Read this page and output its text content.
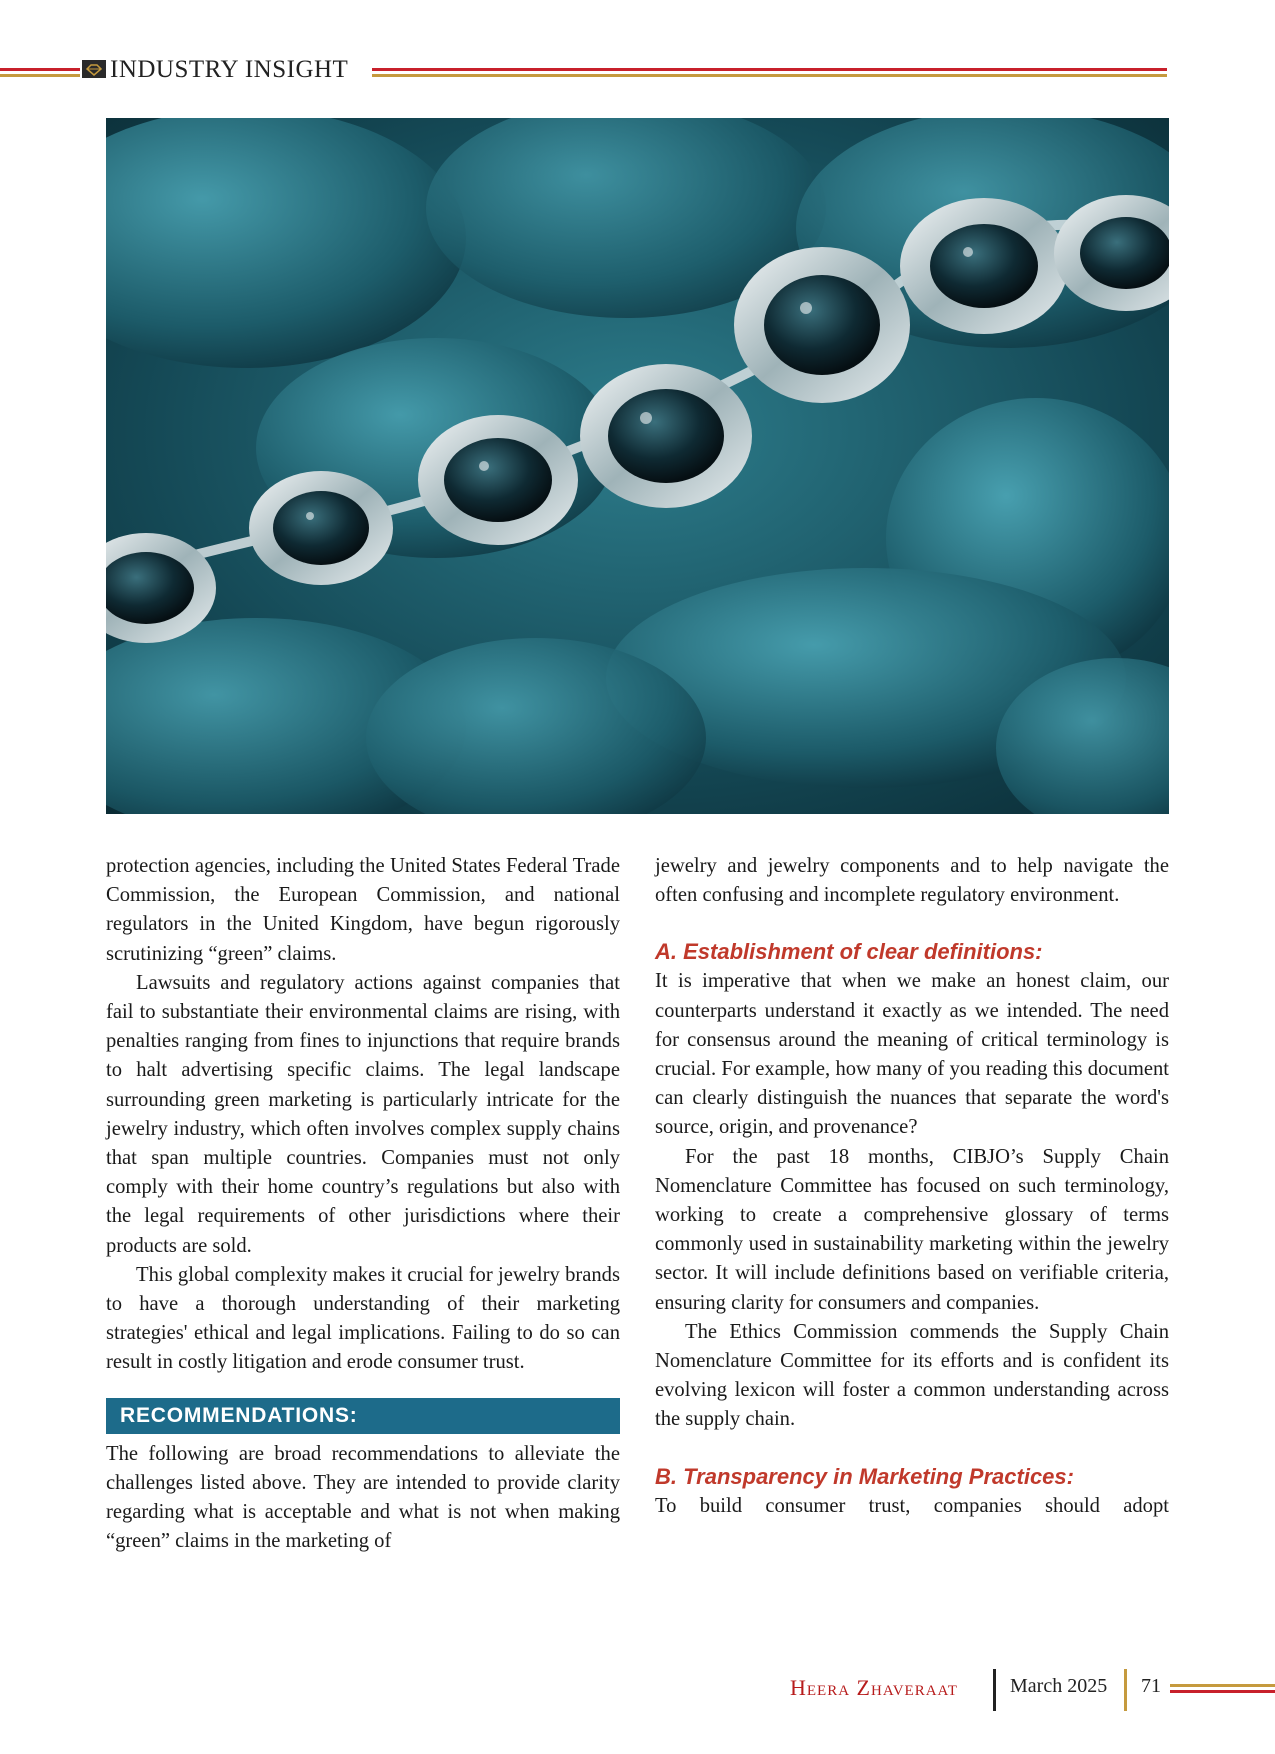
INDUSTRY INSIGHT

protection agencies, including the United States Federal Trade Commission, the European Commission, and national regulators in the United Kingdom, have begun rigorously scrutinizing “green” claims.

Lawsuits and regulatory actions against companies that fail to substantiate their environmental claims are rising, with penalties ranging from fines to injunctions that require brands to halt advertising specific claims. The legal landscape surrounding green marketing is particularly intricate for the jewelry industry, which often involves complex supply chains that span multiple countries. Companies must not only comply with their home country’s regulations but also with the legal requirements of other jurisdictions where their products are sold.

This global complexity makes it crucial for jewelry brands to have a thorough understanding of their marketing strategies' ethical and legal implications. Failing to do so can result in costly litigation and erode consumer trust.

RECOMMENDATIONS:

The following are broad recommendations to alleviate the challenges listed above. They are intended to provide clarity regarding what is acceptable and what is not when making “green” claims in the marketing of

jewelry and jewelry components and to help navigate the often confusing and incomplete regulatory environment.

A. Establishment of clear definitions:

It is imperative that when we make an honest claim, our counterparts understand it exactly as we intended. The need for consensus around the meaning of critical terminology is crucial. For example, how many of you reading this document can clearly distinguish the nuances that separate the word's source, origin, and provenance?

For the past 18 months, CIBJO’s Supply Chain Nomenclature Committee has focused on such terminology, working to create a comprehensive glossary of terms commonly used in sustainability marketing within the jewelry sector. It will include definitions based on verifiable criteria, ensuring clarity for consumers and companies.

The Ethics Commission commends the Supply Chain Nomenclature Committee for its efforts and is confident its evolving lexicon will foster a common understanding across the supply chain.

B. Transparency in Marketing Practices:

To build consumer trust, companies should adopt

Heera Zhaveraat	March 2025 71
